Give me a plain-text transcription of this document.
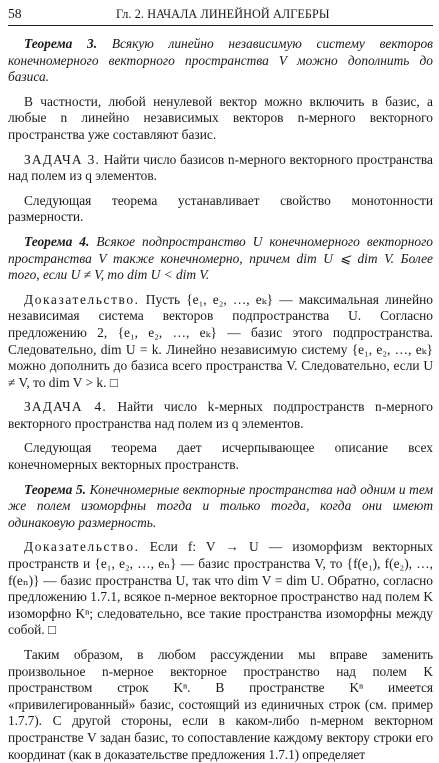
58	Гл. 2. НАЧАЛА ЛИНЕЙНОЙ АЛГЕБРЫ

Теорема 3. Всякую линейно независимую систему векторов конечномерного векторного пространства V можно дополнить до базиса.

В частности, любой ненулевой вектор можно включить в базис, а любые n линейно независимых векторов n-мерного векторного пространства уже составляют базис.

ЗАДАЧА 3. Найти число базисов n-мерного векторного пространства над полем из q элементов.

Следующая теорема устанавливает свойство монотонности размерности.

Теорема 4. Всякое подпространство U конечномерного векторного пространства V также конечномерно, причем dim U ⩽ dim V. Более того, если U ≠ V, то dim U < dim V.

Доказательство. Пусть {e₁, e₂, …, eₖ} — максимальная линейно независимая система векторов подпространства U. Согласно предложению 2, {e₁, e₂, …, eₖ} — базис этого подпространства. Следовательно, dim U = k. Линейно независимую систему {e₁, e₂, …, eₖ} можно дополнить до базиса всего пространства V. Следовательно, если U ≠ V, то dim V > k. □

ЗАДАЧА 4. Найти число k-мерных подпространств n-мерного векторного пространства над полем из q элементов.

Следующая теорема дает исчерпывающее описание всех конечномерных векторных пространств.

Теорема 5. Конечномерные векторные пространства над одним и тем же полем изоморфны тогда и только тогда, когда они имеют одинаковую размерность.

Доказательство. Если f: V → U — изоморфизм векторных пространств и {e₁, e₂, …, eₙ} — базис пространства V, то {f(e₁), f(e₂), …, f(eₙ)} — базис пространства U, так что dim V = dim U. Обратно, согласно предложению 1.7.1, всякое n-мерное векторное пространство над полем K изоморфно Kⁿ; следовательно, все такие пространства изоморфны между собой. □

Таким образом, в любом рассуждении мы вправе заменить произвольное n-мерное векторное пространство над полем K пространством строк Kⁿ. В пространстве Kⁿ имеется «привилегированный» базис, состоящий из единичных строк (см. пример 1.7.7). С другой стороны, если в каком-либо n-мерном векторном пространстве V задан базис, то сопоставление каждому вектору строки его координат (как в доказательстве предложения 1.7.1) определяет
